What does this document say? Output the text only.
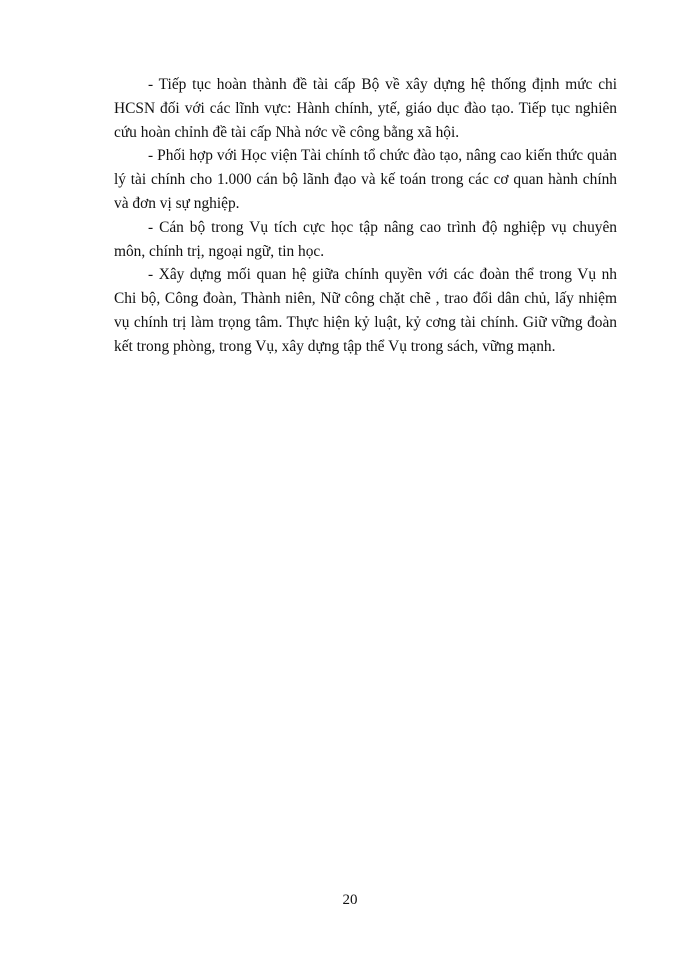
- Tiếp tục hoàn thành đề tài cấp Bộ về xây dựng hệ thống định mức chi HCSN đối với các lĩnh vực: Hành chính, ytế, giáo dục đào tạo. Tiếp tục nghiên cứu hoàn chỉnh đề tài cấp Nhà nớc về công bằng xã hội.

- Phối hợp với Học viện Tài chính tổ chức đào tạo, nâng cao kiến thức quản lý tài chính cho 1.000 cán bộ lãnh đạo và kế toán trong các cơ quan hành chính và đơn vị sự nghiệp.

- Cán bộ trong Vụ tích cực học tập nâng cao trình độ nghiệp vụ chuyên môn, chính trị, ngoại ngữ, tin học.

- Xây dựng mối quan hệ giữa chính quyền với các đoàn thể trong Vụ nh Chi bộ, Công đoàn, Thành niên, Nữ công chặt chẽ , trao đổi dân chủ, lấy nhiệm vụ chính trị làm trọng tâm. Thực hiện kỷ luật, kỷ cơng tài chính. Giữ vững đoàn kết trong phòng, trong Vụ, xây dựng tập thể Vụ trong sách, vững mạnh.

20
